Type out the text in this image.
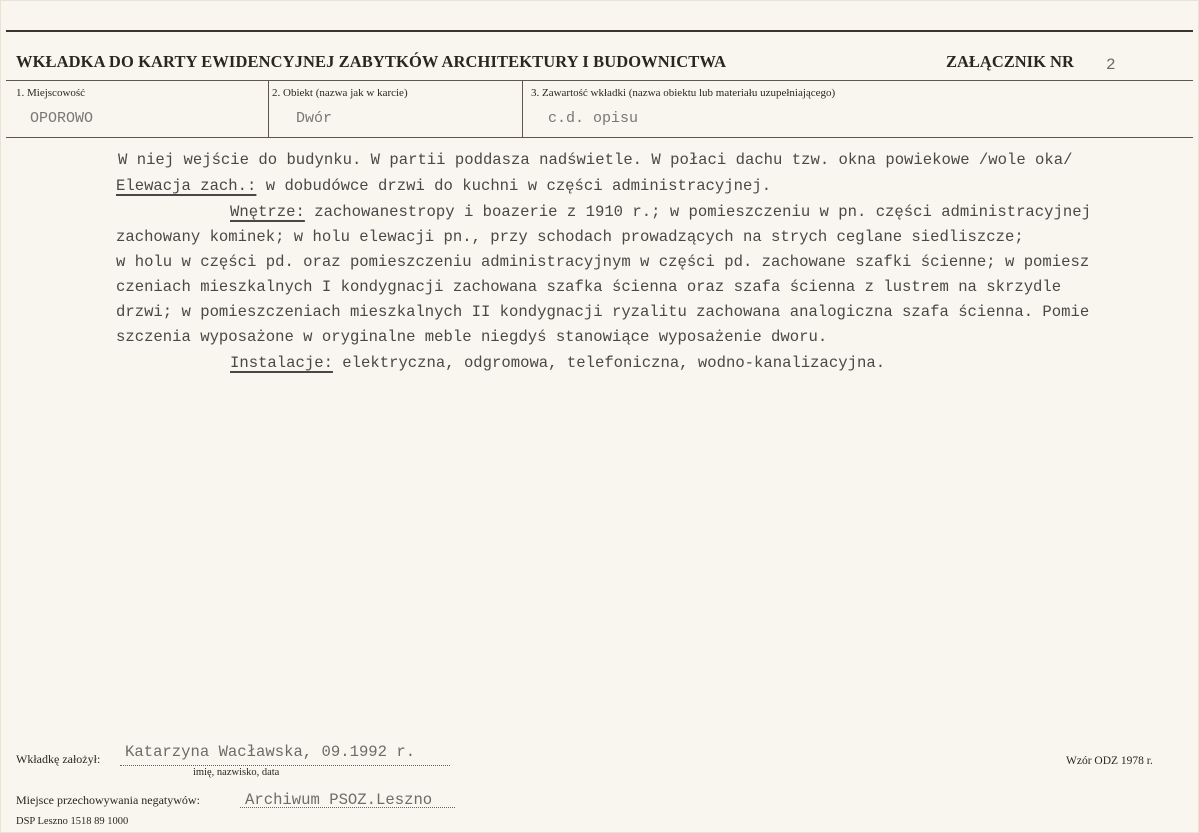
WKŁADKA DO KARTY EWIDENCYJNEJ ZABYTKÓW ARCHITEKTURY I BUDOWNICTWA	ZAŁĄCZNIK NR 2
1. Miejscowość
OPOROWO
2. Obiekt (nazwa jak w karcie)
Dwór
3. Zawartość wkładki (nazwa obiektu lub materiału uzupełniającego)
c.d. opisu
W niej wejście do budynku. W partii poddasza nadświetle. W połaci dachu tzw. okna powiekowe /wole oka/
Elewacja zach.: w dobudówce drzwi do kuchni w części administracyjnej.
Wnętrze: zachowanestropy i boazerie z 1910 r.; w pomieszczeniu w pn. części administracyjnej
zachowany kominek; w holu elewacji pn., przy schodach prowadzących na strych ceglane siedliszcze;
w holu w części pd. oraz pomieszczeniu administracyjnym w części pd. zachowane szafki ścienne; w pomiesz
czeniach mieszkalnych I kondygnacji zachowana szafka ścienna oraz szafa ścienna z lustrem na skrzydle
drzwi; w pomieszczeniach mieszkalnych II kondygnacji ryzalitu zachowana analogiczna szafa ścienna. Pomie
szczenia wyposażone w oryginalne meble niegdyś stanowiące wyposażenie dworu.
Instalacje: elektryczna, odgromowa, telefoniczna, wodno-kanalizacyjna.
Wkładkę założył: Katarzyna Wacławska, 09.1992 r.
imię, nazwisko, data
Miejsce przechowywania negatywów:	Archiwum PSOZ.Leszno
DSP Leszno 1518 89 1000
Wzór ODZ 1978 r.
